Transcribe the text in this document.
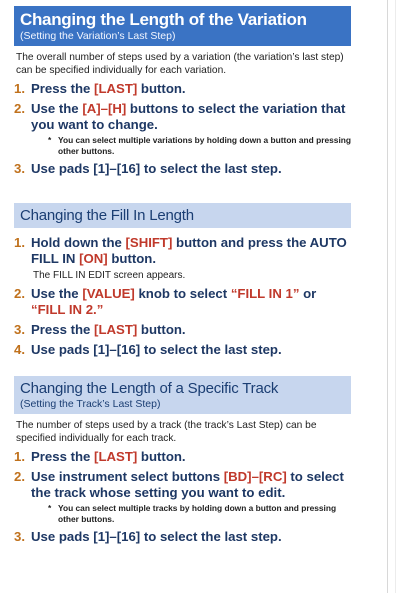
Changing the Length of the Variation
(Setting the Variation’s Last Step)
The overall number of steps used by a variation (the variation’s last step) can be specified individually for each variation.
1. Press the [LAST] button.
2. Use the [A]–[H] buttons to select the variation that you want to change.
* You can select multiple variations by holding down a button and pressing other buttons.
3. Use pads [1]–[16] to select the last step.
Changing the Fill In Length
1. Hold down the [SHIFT] button and press the AUTO FILL IN [ON] button.
The FILL IN EDIT screen appears.
2. Use the [VALUE] knob to select “FILL IN 1” or “FILL IN 2.”
3. Press the [LAST] button.
4. Use pads [1]–[16] to select the last step.
Changing the Length of a Specific Track
(Setting the Track’s Last Step)
The number of steps used by a track (the track’s Last Step) can be specified individually for each track.
1. Press the [LAST] button.
2. Use instrument select buttons [BD]–[RC] to select the track whose setting you want to edit.
* You can select multiple tracks by holding down a button and pressing other buttons.
3. Use pads [1]–[16] to select the last step.
